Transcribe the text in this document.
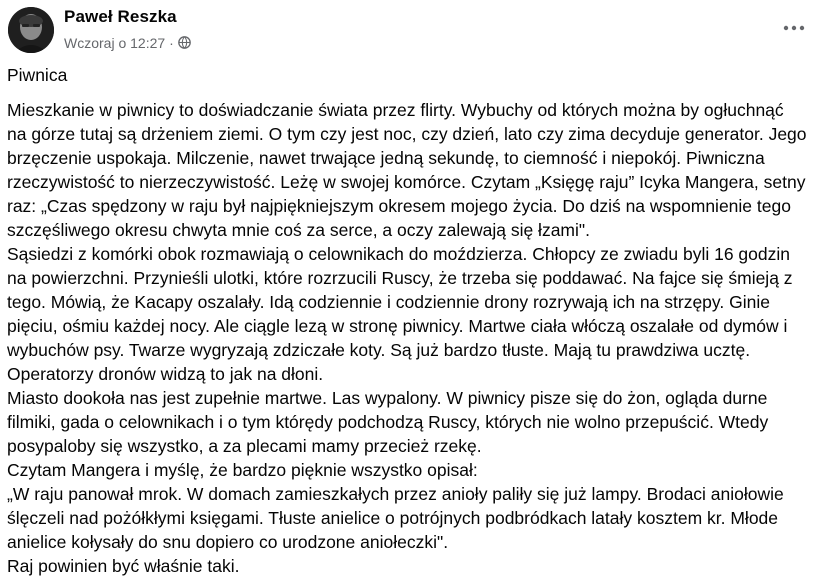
Paweł Reszka
Wczoraj o 12:27 ·
Piwnica
Mieszkanie w piwnicy to doświadczanie świata przez flirty. Wybuchy od których można by ogłuchnąć
na górze tutaj są drżeniem ziemi. O tym czy jest noc, czy dzień, lato czy zima decyduje generator. Jego
brzęczenie uspokaja. Milczenie, nawet trwające jedną sekundę, to ciemność i niepokój. Piwniczna
rzeczywistość to nierzeczywistość. Leżę w swojej komórce. Czytam „Księgę raju” Icyka Mangera, setny
raz: „Czas spędzony w raju był najpiękniejszym okresem mojego życia. Do dziś na wspomnienie tego
szczęśliwego okresu chwyta mnie coś za serce, a oczy zalewają się łzami".
Sąsiedzi z komórki obok rozmawiają o celownikach do moździerza. Chłopcy ze zwiadu byli 16 godzin
na powierzchni. Przynieśli ulotki, które rozrzucili Ruscy, że trzeba się poddawać. Na fajce się śmieją z
tego. Mówią, że Kacapy oszalały. Idą codziennie i codziennie drony rozrywają ich na strzępy. Ginie
pięciu, ośmiu każdej nocy. Ale ciągle lezą w stronę piwnicy. Martwe ciała włóczą oszalałe od dymów i
wybuchów psy. Twarze wygryzają zdziczałe koty. Są już bardzo tłuste. Mają tu prawdziwa ucztę.
Operatorzy dronów widzą to jak na dłoni.
Miasto dookoła nas jest zupełnie martwe. Las wypalony. W piwnicy pisze się do żon, ogląda durne
filmiki, gada o celownikach i o tym którędy podchodzą Ruscy, których nie wolno przepuścić. Wtedy
posypaloby się wszystko, a za plecami mamy przecież rzekę.
Czytam Mangera i myślę, że bardzo pięknie wszystko opisał:
„W raju panował mrok. W domach zamieszkałych przez anioły paliły się już lampy. Brodaci aniołowie
ślęczeli nad pożółkłymi księgami. Tłuste anielice o potrójnych podbródkach latały kosztem kr. Młode
anielice kołysały do snu dopiero co urodzone aniołeczki".
Raj powinien być właśnie taki.
